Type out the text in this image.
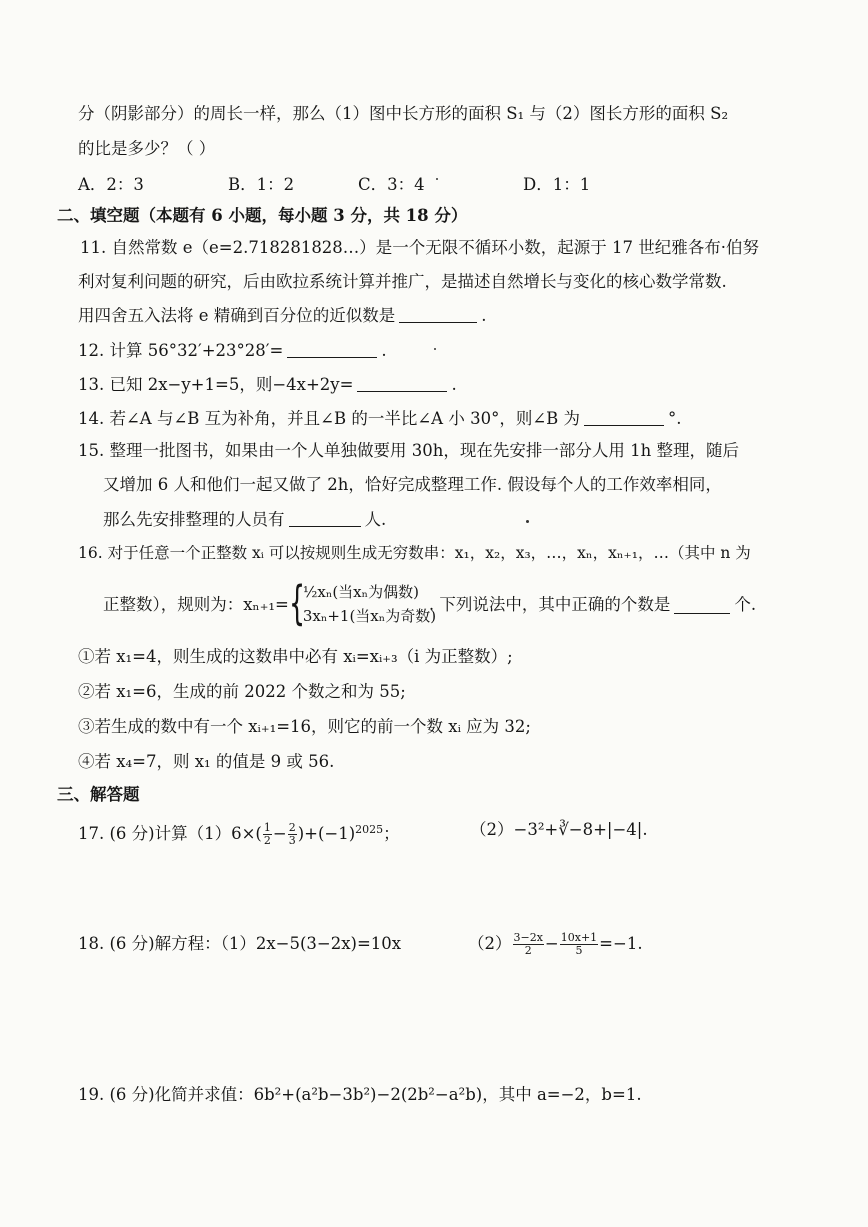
分（阴影部分）的周长一样，那么（1）图中长方形的面积 S₁ 与（2）图长方形的面积 S₂
的比是多少？（ ）
A．2：3	B．1：2	C．3：4	D．1：1
二、填空题（本题有 6 小题，每小题 3 分，共 18 分）
11. 自然常数 e（e=2.718281828…）是一个无限不循环小数，起源于 17 世纪雅各布·伯努
利对复利问题的研究，后由欧拉系统计算并推广，是描述自然增长与变化的核心数学常数.
用四舍五入法将 e 精确到百分位的近似数是	.
12. 计算 56°32′+23°28′=	.
13. 已知 2x−y+1=5，则−4x+2y=	.
14. 若∠A 与∠B 互为补角，并且∠B 的一半比∠A 小 30°，则∠B 为	°.
15. 整理一批图书，如果由一个人单独做要用 30h，现在先安排一部分人用 1h 整理，随后
又增加 6 人和他们一起又做了 2h，恰好完成整理工作. 假设每个人的工作效率相同，
那么先安排整理的人员有	人.
16. 对于任意一个正整数 xᵢ 可以按规则生成无穷数串：x₁，x₂，x₃，…，xₙ，xₙ₊₁，…（其中 n 为
正整数），规则为：xₙ₊₁= {
½xₙ(当xₙ为偶数)
3xₙ+1(当xₙ为奇数)
. 下列说法中，其中正确的个数是	个.
①若 x₁=4，则生成的这数串中必有 xᵢ=xᵢ₊₃（i 为正整数）;
②若 x₁=6，生成的前 2022 个数之和为 55;
③若生成的数中有一个 xᵢ₊₁=16，则它的前一个数 xᵢ 应为 32;
④若 x₄=7，则 x₁ 的值是 9 或 56.
三、解答题
17. (6 分)计算$(1)6\times( \frac{1}{2} - \frac{2}{3} )+(-1)^{2025}$；	（2）−3²+∛−8+|−4|.
18. (6 分)解方程：（1）2x−5(3−2x)=10x	$(2) \frac{3-2x}{2} - \frac{10x+1}{5} =-1$.
19. (6 分)化简并求值：6b²+(a²b−3b²)−2(2b²−a²b)，其中 a=−2，b=1.
